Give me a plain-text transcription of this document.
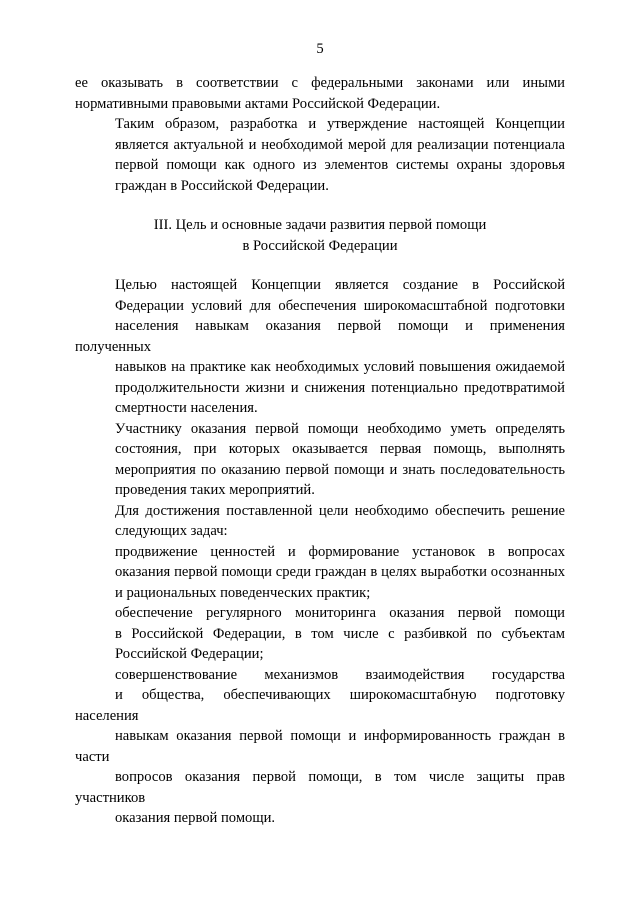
5

ее оказывать в соответствии с федеральными законами или иными
нормативными правовыми актами Российской Федерации.

Таким образом, разработка и утверждение настоящей Концепции
является актуальной и необходимой мерой для реализации потенциала
первой помощи как одного из элементов системы охраны здоровья
граждан в Российской Федерации.

III. Цель и основные задачи развития первой помощи
в Российской Федерации

Целью настоящей Концепции является создание в Российской
Федерации условий для обеспечения широкомасштабной подготовки
населения навыкам оказания первой помощи и применения полученных
навыков на практике как необходимых условий повышения ожидаемой
продолжительности жизни и снижения потенциально предотвратимой
смертности населения.

Участнику оказания первой помощи необходимо уметь определять
состояния, при которых оказывается первая помощь, выполнять
мероприятия по оказанию первой помощи и знать последовательность
проведения таких мероприятий.

Для достижения поставленной цели необходимо обеспечить решение
следующих задач:

продвижение ценностей и формирование установок в вопросах
оказания первой помощи среди граждан в целях выработки осознанных
и рациональных поведенческих практик;

обеспечение регулярного мониторинга оказания первой помощи
в Российской Федерации, в том числе с разбивкой по субъектам
Российской Федерации;

совершенствование механизмов взаимодействия государства
и общества, обеспечивающих широкомасштабную подготовку населения
навыкам оказания первой помощи и информированность граждан в части
вопросов оказания первой помощи, в том числе защиты прав участников
оказания первой помощи.
